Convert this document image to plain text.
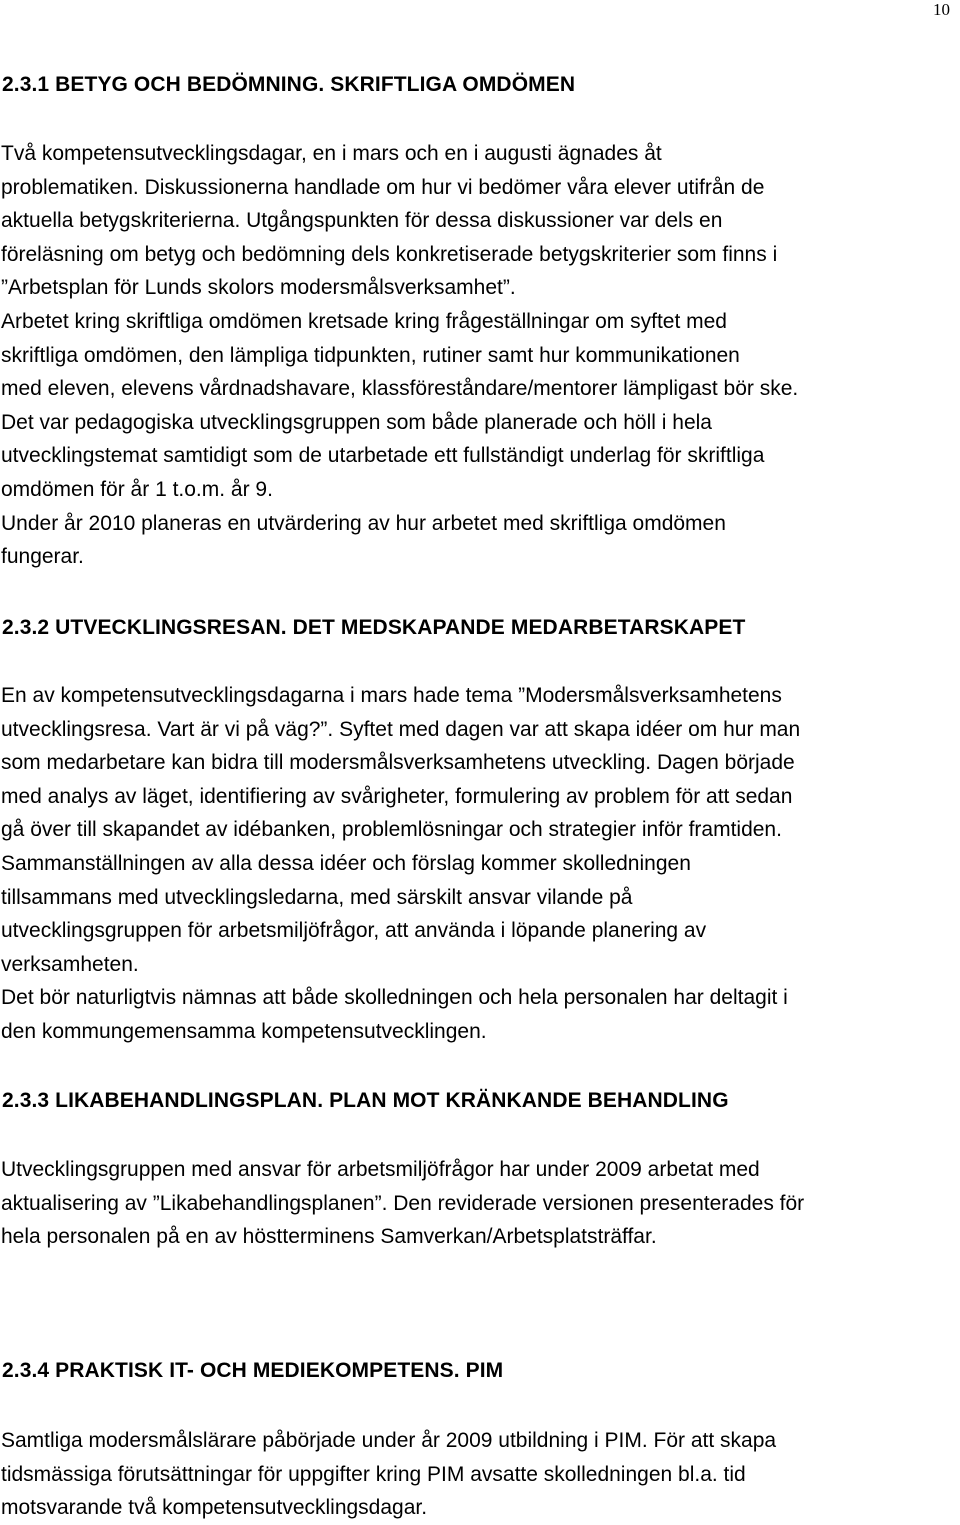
10
2.3.1 BETYG OCH BEDÖMNING. SKRIFTLIGA OMDÖMEN
Två kompetensutvecklingsdagar, en i mars och en i augusti ägnades åt
problematiken. Diskussionerna handlade om hur vi bedömer våra elever utifrån de
aktuella betygskriterierna. Utgångspunkten för dessa diskussioner var dels en
föreläsning om betyg och bedömning dels konkretiserade betygskriterier som finns i
”Arbetsplan för Lunds skolors modersmålsverksamhet”.
Arbetet kring skriftliga omdömen kretsade kring frågeställningar om syftet med
skriftliga omdömen, den lämpliga tidpunkten, rutiner samt hur kommunikationen
med eleven, elevens vårdnadshavare, klassföreståndare/mentorer lämpligast bör ske.
Det var pedagogiska utvecklingsgruppen som både planerade och höll i hela
utvecklingstemat samtidigt som de utarbetade ett fullständigt underlag för skriftliga
omdömen för år 1 t.o.m. år 9.
Under år 2010 planeras en utvärdering av hur arbetet med skriftliga omdömen
fungerar.
2.3.2 UTVECKLINGSRESAN. DET MEDSKAPANDE MEDARBETARSKAPET
En av kompetensutvecklingsdagarna i mars hade tema ”Modersmålsverksamhetens
utvecklingsresa. Vart är vi på väg?”. Syftet med dagen var att skapa idéer om hur man
som medarbetare kan bidra till modersmålsverksamhetens utveckling. Dagen började
med analys av läget, identifiering av svårigheter, formulering av problem för att sedan
gå över till skapandet av idébanken, problemlösningar och strategier inför framtiden.
Sammanställningen av alla dessa idéer och förslag kommer skolledningen
tillsammans med utvecklingsledarna, med särskilt ansvar vilande på
utvecklingsgruppen för arbetsmiljöfrågor, att använda i löpande planering av
verksamheten.
Det bör naturligtvis nämnas att både skolledningen och hela personalen har deltagit i
den kommungemensamma kompetensutvecklingen.
2.3.3 LIKABEHANDLINGSPLAN. PLAN MOT KRÄNKANDE BEHANDLING
Utvecklingsgruppen med ansvar för arbetsmiljöfrågor har under 2009 arbetat med
aktualisering av ”Likabehandlingsplanen”. Den reviderade versionen presenterades för
hela personalen på en av höstterminens Samverkan/Arbetsplatsträffar.
2.3.4 PRAKTISK IT- OCH MEDIEKOMPETENS. PIM
Samtliga modersmålslärare påbörjade under år 2009 utbildning i PIM. För att skapa
tidsmässiga förutsättningar för uppgifter kring PIM avsatte skolledningen bl.a. tid
motsvarande två kompetensutvecklingsdagar.
